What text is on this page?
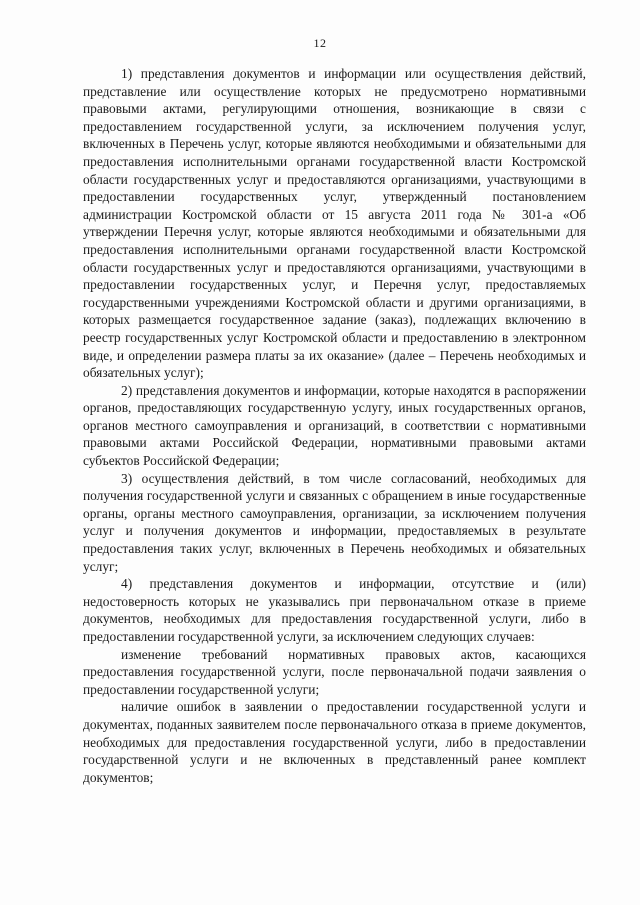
12

1) представления документов и информации или осуществления действий, представление или осуществление которых не предусмотрено нормативными правовыми актами, регулирующими отношения, возникающие в связи с предоставлением государственной услуги, за исключением получения услуг, включенных в Перечень услуг, которые являются необходимыми и обязательными для предоставления исполнительными органами государственной власти Костромской области государственных услуг и предоставляются организациями, участвующими в предоставлении государственных услуг, утвержденный постановлением администрации Костромской области от 15 августа 2011 года № 301-а «Об утверждении Перечня услуг, которые являются необходимыми и обязательными для предоставления исполнительными органами государственной власти Костромской области государственных услуг и предоставляются организациями, участвующими в предоставлении государственных услуг, и Перечня услуг, предоставляемых государственными учреждениями Костромской области и другими организациями, в которых размещается государственное задание (заказ), подлежащих включению в реестр государственных услуг Костромской области и предоставлению в электронном виде, и определении размера платы за их оказание» (далее – Перечень необходимых и обязательных услуг);

2) представления документов и информации, которые находятся в распоряжении органов, предоставляющих государственную услугу, иных государственных органов, органов местного самоуправления и организаций, в соответствии с нормативными правовыми актами Российской Федерации, нормативными правовыми актами субъектов Российской Федерации;

3) осуществления действий, в том числе согласований, необходимых для получения государственной услуги и связанных с обращением в иные государственные органы, органы местного самоуправления, организации, за исключением получения услуг и получения документов и информации, предоставляемых в результате предоставления таких услуг, включенных в Перечень необходимых и обязательных услуг;

4) представления документов и информации, отсутствие и (или) недостоверность которых не указывались при первоначальном отказе в приеме документов, необходимых для предоставления государственной услуги, либо в предоставлении государственной услуги, за исключением следующих случаев:

изменение требований нормативных правовых актов, касающихся предоставления государственной услуги, после первоначальной подачи заявления о предоставлении государственной услуги;

наличие ошибок в заявлении о предоставлении государственной услуги и документах, поданных заявителем после первоначального отказа в приеме документов, необходимых для предоставления государственной услуги, либо в предоставлении государственной услуги и не включенных в представленный ранее комплект документов;
